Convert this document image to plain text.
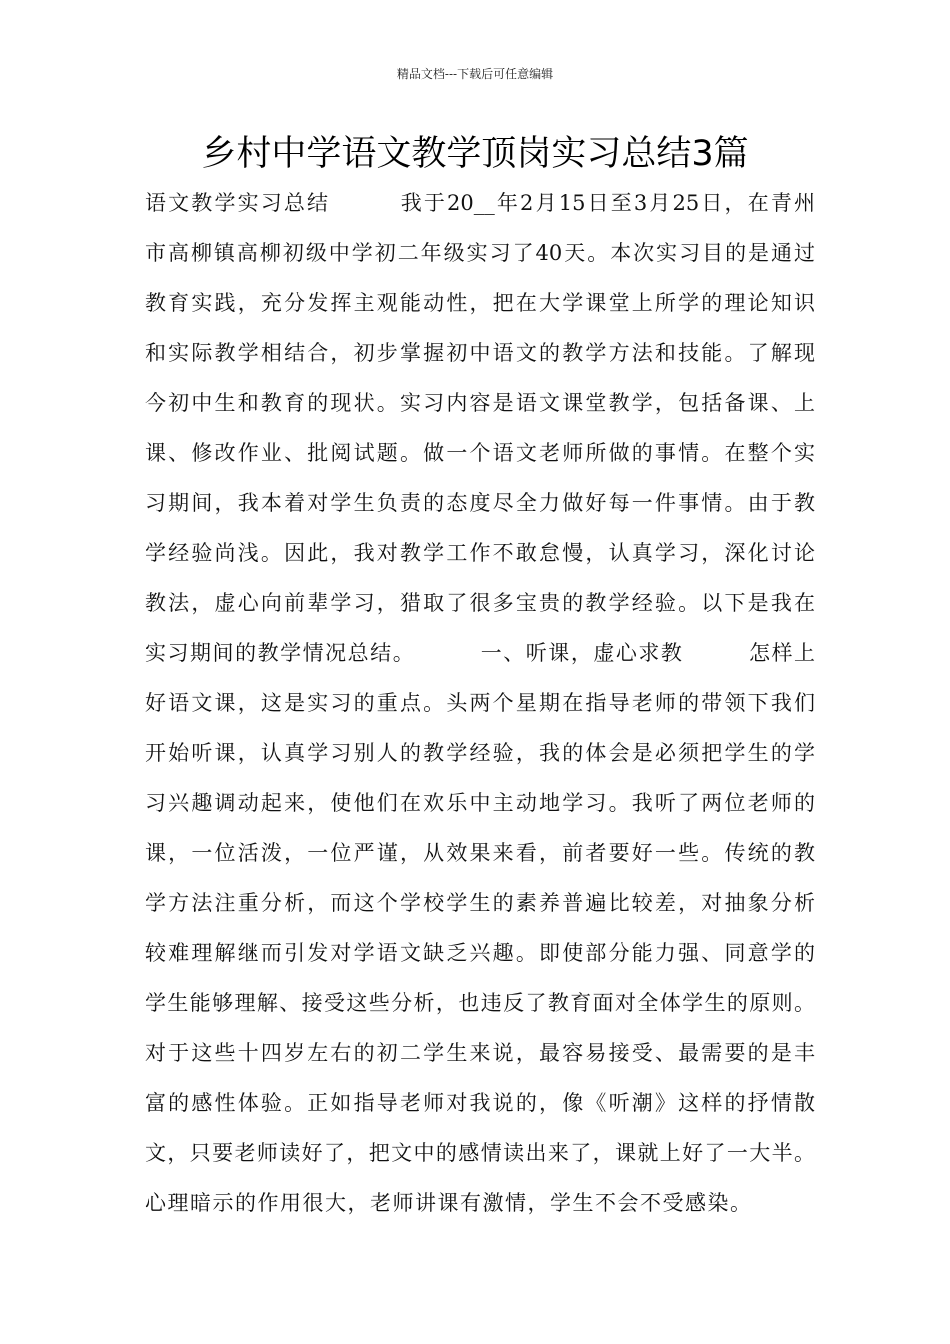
精品文档---下载后可任意编辑
乡村中学语文教学顶岗实习总结3篇
语文教学实习总结        我于20__年2月15日至3月25日，在青州
市高柳镇高柳初级中学初二年级实习了40天。本次实习目的是通过
教育实践，充分发挥主观能动性，把在大学课堂上所学的理论知识
和实际教学相结合，初步掌握初中语文的教学方法和技能。了解现
今初中生和教育的现状。实习内容是语文课堂教学，包括备课、上
课、修改作业、批阅试题。做一个语文老师所做的事情。在整个实
习期间，我本着对学生负责的态度尽全力做好每一件事情。由于教
学经验尚浅。因此，我对教学工作不敢怠慢，认真学习，深化讨论
教法，虚心向前辈学习，猎取了很多宝贵的教学经验。以下是我在
实习期间的教学情况总结。        一、听课，虚心求教        怎样上
好语文课，这是实习的重点。头两个星期在指导老师的带领下我们
开始听课，认真学习别人的教学经验，我的体会是必须把学生的学
习兴趣调动起来，使他们在欢乐中主动地学习。我听了两位老师的
课，一位活泼，一位严谨，从效果来看，前者要好一些。传统的教
学方法注重分析，而这个学校学生的素养普遍比较差，对抽象分析
较难理解继而引发对学语文缺乏兴趣。即使部分能力强、同意学的
学生能够理解、接受这些分析，也违反了教育面对全体学生的原则。
对于这些十四岁左右的初二学生来说，最容易接受、最需要的是丰
富的感性体验。正如指导老师对我说的，像《听潮》这样的抒情散
文，只要老师读好了，把文中的感情读出来了，课就上好了一大半。
心理暗示的作用很大，老师讲课有激情，学生不会不受感染。
